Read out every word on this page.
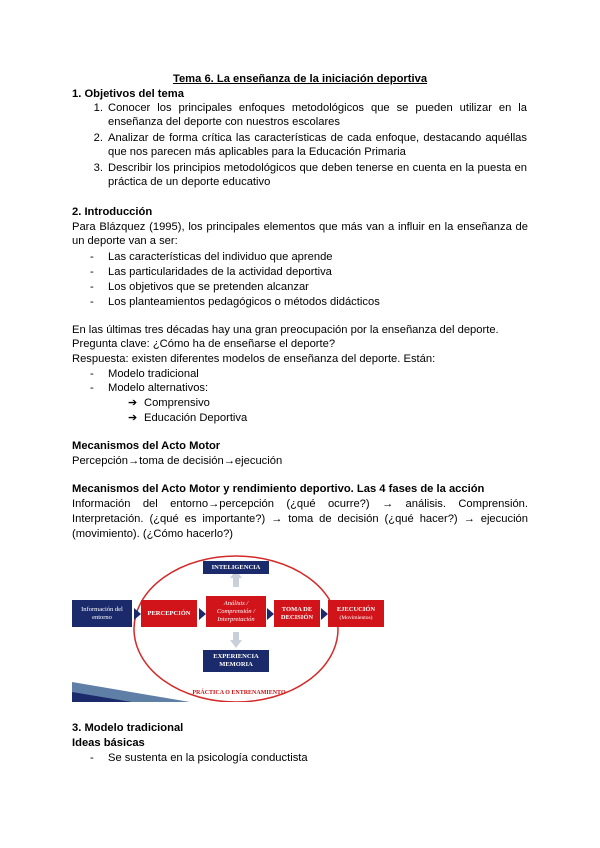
Tema 6. La enseñanza de la iniciación deportiva
1. Objetivos del tema
1. Conocer los principales enfoques metodológicos que se pueden utilizar en la
enseñanza del deporte con nuestros escolares
2. Analizar de forma crítica las características de cada enfoque, destacando aquéllas
que nos parecen más aplicables para la Educación Primaria
3. Describir los principios metodológicos que deben tenerse en cuenta en la puesta en
práctica de un deporte educativo
2. Introducción
Para Blázquez (1995), los principales elementos que más van a influir en la enseñanza de
un deporte van a ser:
- Las características del individuo que aprende
- Las particularidades de la actividad deportiva
- Los objetivos que se pretenden alcanzar
- Los planteamientos pedagógicos o métodos didácticos
En las últimas tres décadas hay una gran preocupación por la enseñanza del deporte.
Pregunta clave: ¿Cómo ha de enseñarse el deporte?
Respuesta: existen diferentes modelos de enseñanza del deporte. Están:
- Modelo tradicional
- Modelo alternativos:
➔ Comprensivo
➔ Educación Deportiva
Mecanismos del Acto Motor
Percepción→toma de decisión→ejecución
Mecanismos del Acto Motor y rendimiento deportivo. Las 4 fases de la acción
Información del entorno→percepción (¿qué ocurre?) → análisis. Comprensión.
Interpretación. (¿qué es importante?) → toma de decisión (¿qué hacer?) → ejecución
(movimiento). (¿Cómo hacerlo?)
Información del entorno
PERCEPCIÓN
Análisis / Comprensión / Interpretación
TOMA DE DECISIÓN
EJECUCIÓN
(Movimientos)
INTELIGENCIA
EXPERIENCIA MEMORIA
PRÁCTICA O ENTRENAMIENTO
3. Modelo tradicional
Ideas básicas
- Se sustenta en la psicología conductista
